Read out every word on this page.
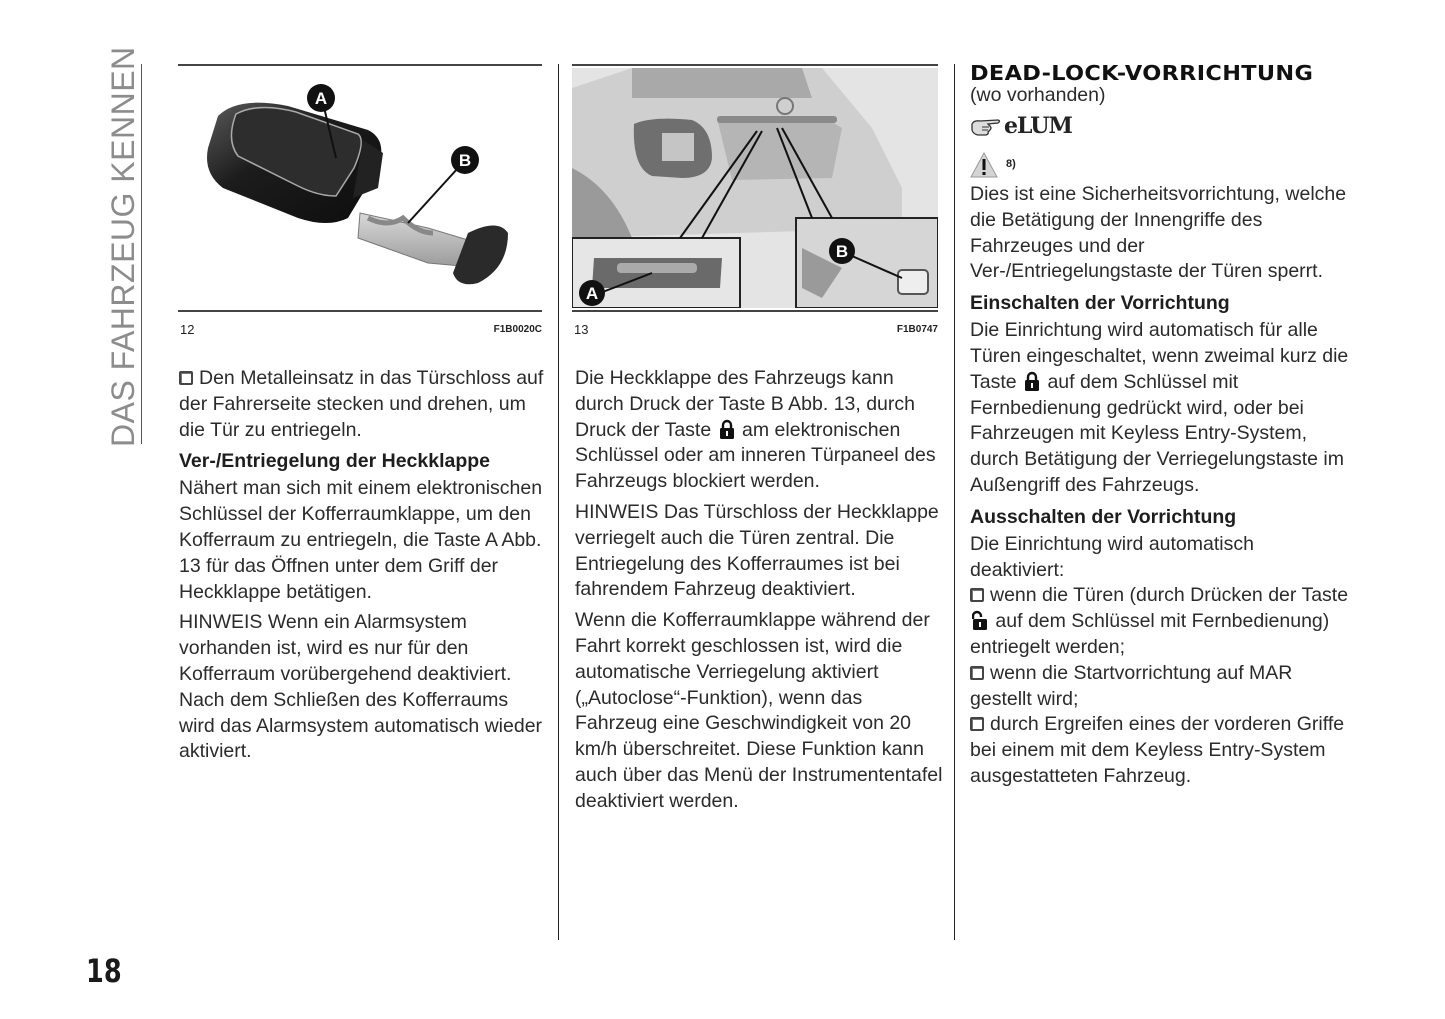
DAS FAHRZEUG KENNEN
18
A
B
12	F1B0020C
A
B
13	F1B0747

Den Metalleinsatz in das Türschloss auf der Fahrerseite stecken und drehen, um die Tür zu entriegeln.

Ver-/Entriegelung der Heckklappe

Nähert man sich mit einem elektronischen Schlüssel der Kofferraumklappe, um den Kofferraum zu entriegeln, die Taste A Abb. 13 für das Öffnen unter dem Griff der Heckklappe betätigen.

HINWEIS Wenn ein Alarmsystem vorhanden ist, wird es nur für den Kofferraum vorübergehend deaktiviert. Nach dem Schließen des Kofferraums wird das Alarmsystem automatisch wieder aktiviert.

Die Heckklappe des Fahrzeugs kann durch Druck der Taste B Abb. 13, durch Druck der Taste am elektronischen Schlüssel oder am inneren Türpaneel des Fahrzeugs blockiert werden.

HINWEIS Das Türschloss der Heckklappe verriegelt auch die Türen zentral. Die Entriegelung des Kofferraumes ist bei fahrendem Fahrzeug deaktiviert.

Wenn die Kofferraumklappe während der Fahrt korrekt geschlossen ist, wird die automatische Verriegelung aktiviert („Autoclose“-Funktion), wenn das Fahrzeug eine Geschwindigkeit von 20 km/h überschreitet. Diese Funktion kann auch über das Menü der Instrumententafel deaktiviert werden.

DEAD-LOCK-VORRICHTUNG
(wo vorhanden)
eLUM
8)

Dies ist eine Sicherheitsvorrichtung, welche die Betätigung der Innengriffe des Fahrzeuges und der Ver-/Entriegelungstaste der Türen sperrt.

Einschalten der Vorrichtung

Die Einrichtung wird automatisch für alle Türen eingeschaltet, wenn zweimal kurz die Taste auf dem Schlüssel mit Fernbedienung gedrückt wird, oder bei Fahrzeugen mit Keyless Entry-System, durch Betätigung der Verriegelungstaste im Außengriff des Fahrzeugs.

Ausschalten der Vorrichtung
Die Einrichtung wird automatisch deaktiviert:
wenn die Türen (durch Drücken der Taste  auf dem Schlüssel mit Fernbedienung) entriegelt werden;
wenn die Startvorrichtung auf MAR gestellt wird;
durch Ergreifen eines der vorderen Griffe bei einem mit dem Keyless Entry-System ausgestatteten Fahrzeug.
